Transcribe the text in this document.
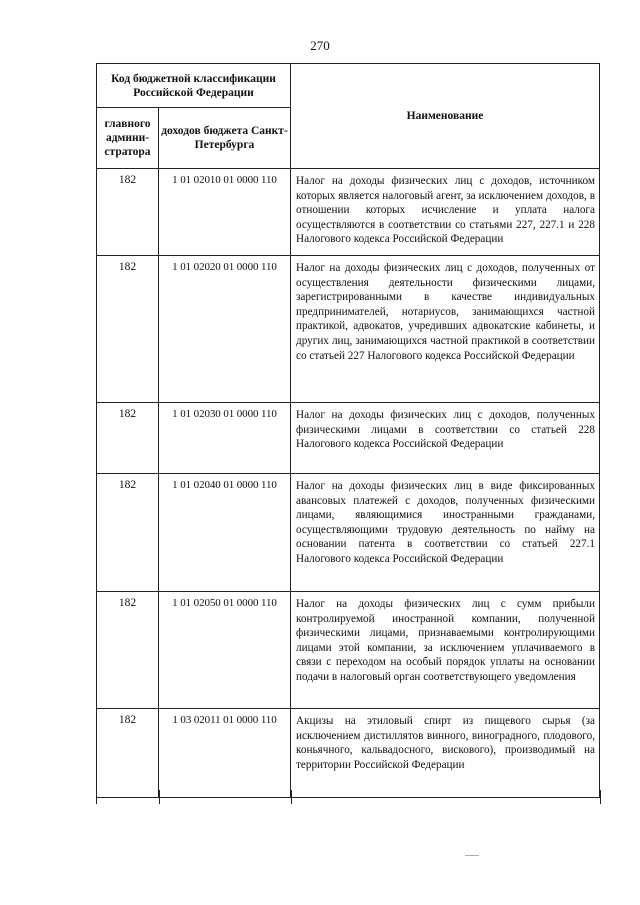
270
Код бюджетной классификации Российской Федерации		Наименование
главного админи-стратора	доходов бюджета Санкт-Петербурга	
182	1 01 02010 01 0000 110	Налог на доходы физических лиц с доходов, источником которых является налоговый агент, за исключением доходов, в отношении которых исчисление и уплата налога осуществляются в соответствии со статьями 227, 227.1 и 228 Налогового кодекса Российской Федерации
182	1 01 02020 01 0000 110	Налог на доходы физических лиц с доходов, полученных от осуществления деятельности физическими лицами, зарегистрированными в качестве индивидуальных предпринимателей, нотариусов, занимающихся частной практикой, адвокатов, учредивших адвокатские кабинеты, и других лиц, занимающихся частной практикой в соответствии со статьей 227 Налогового кодекса Российской Федерации
182	1 01 02030 01 0000 110	Налог на доходы физических лиц с доходов, полученных физическими лицами в соответствии со статьей 228 Налогового кодекса Российской Федерации
182	1 01 02040 01 0000 110	Налог на доходы физических лиц в виде фиксированных авансовых платежей с доходов, полученных физическими лицами, являющимися иностранными гражданами, осуществляющими трудовую деятельность по найму на основании патента в соответствии со статьей 227.1 Налогового кодекса Российской Федерации
182	1 01 02050 01 0000 110	Налог на доходы физических лиц с сумм прибыли контролируемой иностранной компании, полученной физическими лицами, признаваемыми контролирующими лицами этой компании, за исключением уплачиваемого в связи с переходом на особый порядок уплаты на основании подачи в налоговый орган соответствующего уведомления
182	1 03 02011 01 0000 110	Акцизы на этиловый спирт из пищевого сырья (за исключением дистиллятов винного, виноградного, плодового, коньячного, кальвадосного, вискового), производимый на территории Российской Федерации
